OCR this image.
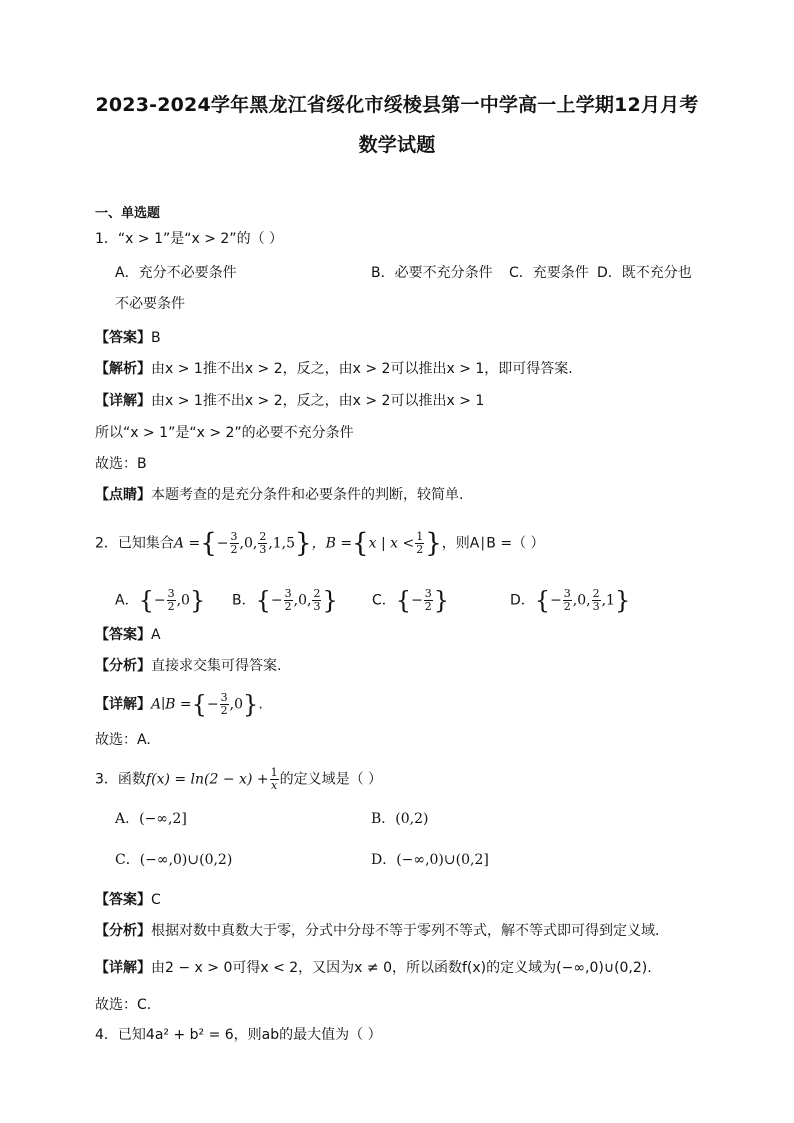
2023-2024学年黑龙江省绥化市绥棱县第一中学高一上学期12月月考
数学试题
一、单选题
1．“x > 1”是“x > 2”的（ ）
A．充分不必要条件	B．必要不充分条件 C．充要条件 D．既不充分也
不必要条件
【答案】B
【解析】由x > 1推不出x > 2，反之，由x > 2可以推出x > 1，即可得答案.
【详解】由x > 1推不出x > 2，反之，由x > 2可以推出x > 1
所以“x > 1”是“x > 2”的必要不充分条件
故选：B
【点睛】本题考查的是充分条件和必要条件的判断，较简单.
2．已知集合A ={− $\frac{3}{2} ,0$, $\frac{2}{3} ,1,5$}，B ={x | $x < \frac{1}{2}$ }，则A∣B =（ ）
A．{− $\frac{3}{2} ,0$} B．{− $\frac{3}{2} ,0$, $\frac{2}{3}$ } C．{− $\frac{3}{2}$ }	D．{− $\frac{3}{2} ,0$, $\frac{2}{3} ,1$}
【答案】A
【分析】直接求交集可得答案.
【详解】A∣B ={− $\frac{3}{2} ,0$}.
故选：A.
3．函数$f(x) = \ln(2 - x) + \frac{1}{x}$ 的定义域是（ ）
A．(−∞,2]	B．(0,2)
C．(−∞,0)∪(0,2)	D．(−∞,0)∪(0,2]
【答案】C
【分析】根据对数中真数大于零，分式中分母不等于零列不等式，解不等式即可得到定义域.
【详解】由2 − x > 0可得x < 2，又因为x ≠ 0，所以函数f(x)的定义域为(−∞,0)∪(0,2).
故选：C.
4．已知4a² + b² = 6，则ab的最大值为（ ）
